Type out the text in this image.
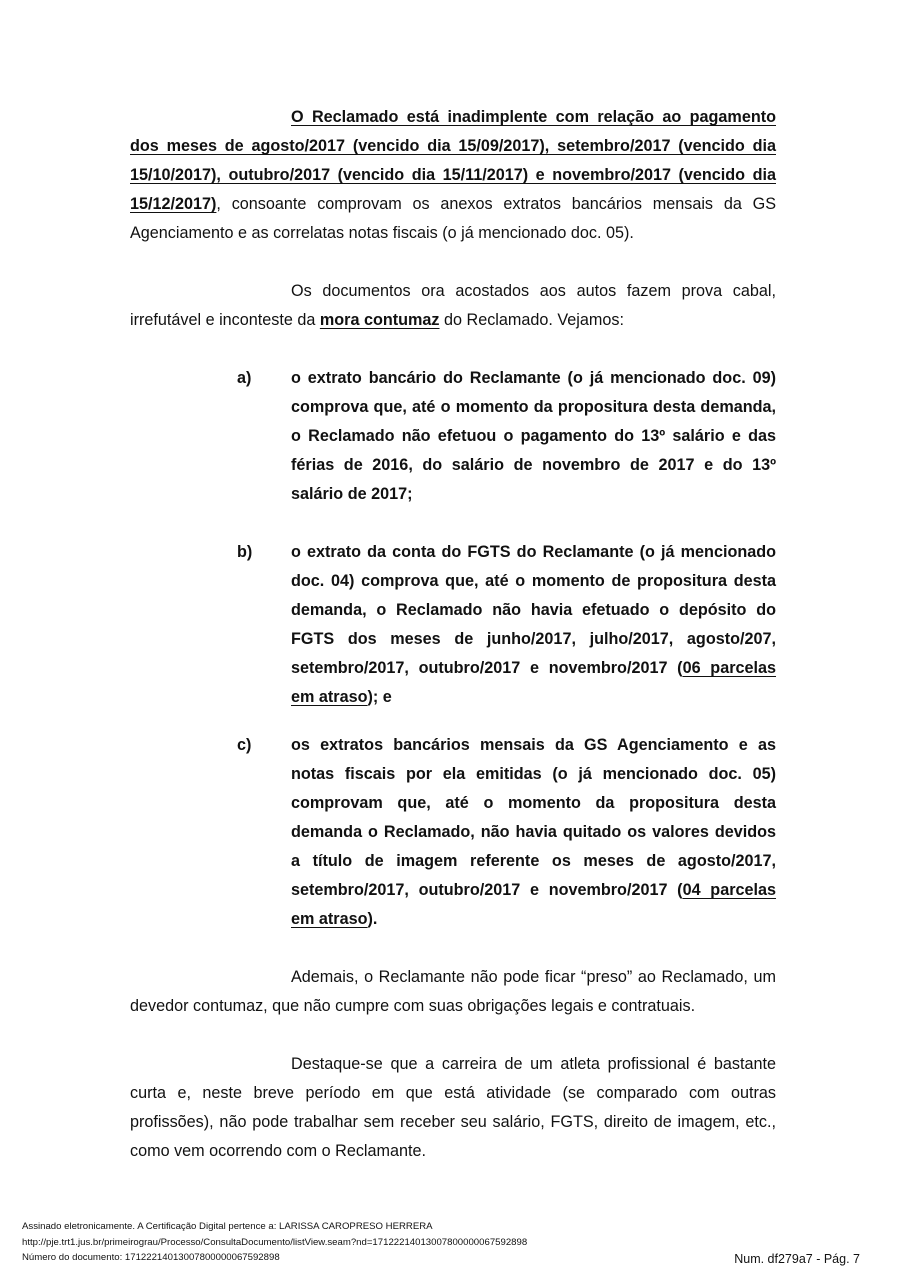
O Reclamado está inadimplente com relação ao pagamento dos meses de agosto/2017 (vencido dia 15/09/2017), setembro/2017 (vencido dia 15/10/2017), outubro/2017 (vencido dia 15/11/2017) e novembro/2017 (vencido dia 15/12/2017), consoante comprovam os anexos extratos bancários mensais da GS Agenciamento e as correlatas notas fiscais (o já mencionado doc. 05).

Os documentos ora acostados aos autos fazem prova cabal, irrefutável e inconteste da mora contumaz do Reclamado. Vejamos:

a) o extrato bancário do Reclamante (o já mencionado doc. 09) comprova que, até o momento da propositura desta demanda, o Reclamado não efetuou o pagamento do 13º salário e das férias de 2016, do salário de novembro de 2017 e do 13º salário de 2017;
b) o extrato da conta do FGTS do Reclamante (o já mencionado doc. 04) comprova que, até o momento de propositura desta demanda, o Reclamado não havia efetuado o depósito do FGTS dos meses de junho/2017, julho/2017, agosto/207, setembro/2017, outubro/2017 e novembro/2017 (06 parcelas em atraso); e
c) os extratos bancários mensais da GS Agenciamento e as notas fiscais por ela emitidas (o já mencionado doc. 05) comprovam que, até o momento da propositura desta demanda o Reclamado, não havia quitado os valores devidos a título de imagem referente os meses de agosto/2017, setembro/2017, outubro/2017 e novembro/2017 (04 parcelas em atraso).

Ademais, o Reclamante não pode ficar “preso” ao Reclamado, um devedor contumaz, que não cumpre com suas obrigações legais e contratuais.

Destaque-se que a carreira de um atleta profissional é bastante curta e, neste breve período em que está atividade (se comparado com outras profissões), não pode trabalhar sem receber seu salário, FGTS, direito de imagem, etc., como vem ocorrendo com o Reclamante.

Assinado eletronicamente. A Certificação Digital pertence a: LARISSA CAROPRESO HERRERA
http://pje.trt1.jus.br/primeirograu/Processo/ConsultaDocumento/listView.seam?nd=17122214013007800000067592898
Número do documento: 17122214013007800000067592898	Num. df279a7 - Pág. 7
